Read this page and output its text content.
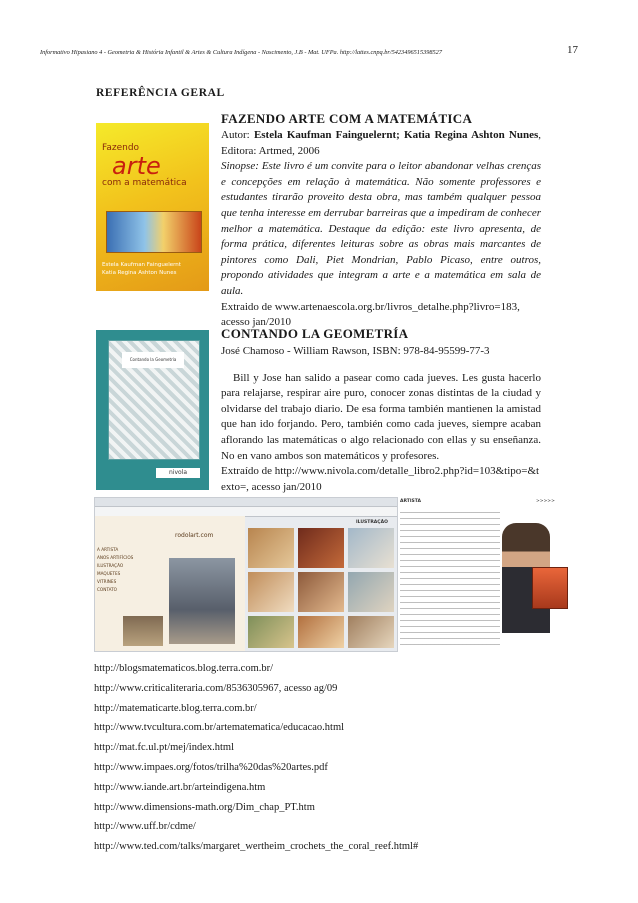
Informativo Hipasiano 4 - Geometria & História Infantil & Artes & Cultura Indígena - Nascimento, J.B - Mat. UFPa. http://lattes.cnpq.br/5423496515398527	17
REFERÊNCIA GERAL
Fazendo
arte
com a matemática
Estela Kaufman Fainguelernt
Katia Regina Ashton Nunes
FAZENDO ARTE COM A MATEMÁTICA

Autor: Estela Kaufman Fainguelernt; Katia Regina Ashton Nunes, Editora: Artmed, 2006

Sinopse: Este livro é um convite para o leitor abandonar velhas crenças e concepções em relação à matemática. Não somente professores e estudantes tirarão proveito desta obra, mas também qualquer pessoa que tenha interesse em derrubar barreiras que a impediram de conhecer melhor a matemática. Destaque da edição: este livro apresenta, de forma prática, diferentes leituras sobre as obras mais marcantes de pintores como Dali, Piet Mondrian, Pablo Picaso, entre outros, propondo atividades que integram a arte e a matemática em sala de aula.

Extraido de www.artenaescola.org.br/livros_detalhe.php?livro=183, acesso jan/2010

Contando la Geometría
nivola
CONTANDO LA GEOMETRÍA

José Chamoso - William Rawson, ISBN: 978-84-95599-77-3

Bill y Jose han salido a pasear como cada jueves. Les gusta hacerlo para relajarse, respirar aire puro, conocer zonas distintas de la ciudad y olvidarse del trabajo diario. De esa forma también mantienen la amistad que han ido forjando. Pero, también como cada jueves, siempre acaban aflorando las matemáticas o algo relacionado con ellas y su enseñanza. No en vano ambos son matemáticos y profesores.

Extraído de http://www.nivola.com/detalle_libro2.php?id=103&tipo=&texto=, acesso jan/2010

rodolart.com
A ARTISTA
ANOS ARTIFÍCIOS
ILUSTRAÇÃO
MAQUETES
VITRINES
CONTATO
ILUSTRAÇÃO
ARTISTA	>>>>>
http://blogsmatematicos.blog.terra.com.br/
http://www.criticaliteraria.com/8536305967, acesso ag/09
http://matematicarte.blog.terra.com.br/
http://www.tvcultura.com.br/artematematica/educacao.html
http://mat.fc.ul.pt/mej/index.html
http://www.impaes.org/fotos/trilha%20das%20artes.pdf
http://www.iande.art.br/arteindigena.htm
http://www.dimensions-math.org/Dim_chap_PT.htm
http://www.uff.br/cdme/
http://www.ted.com/talks/margaret_wertheim_crochets_the_coral_reef.html#
